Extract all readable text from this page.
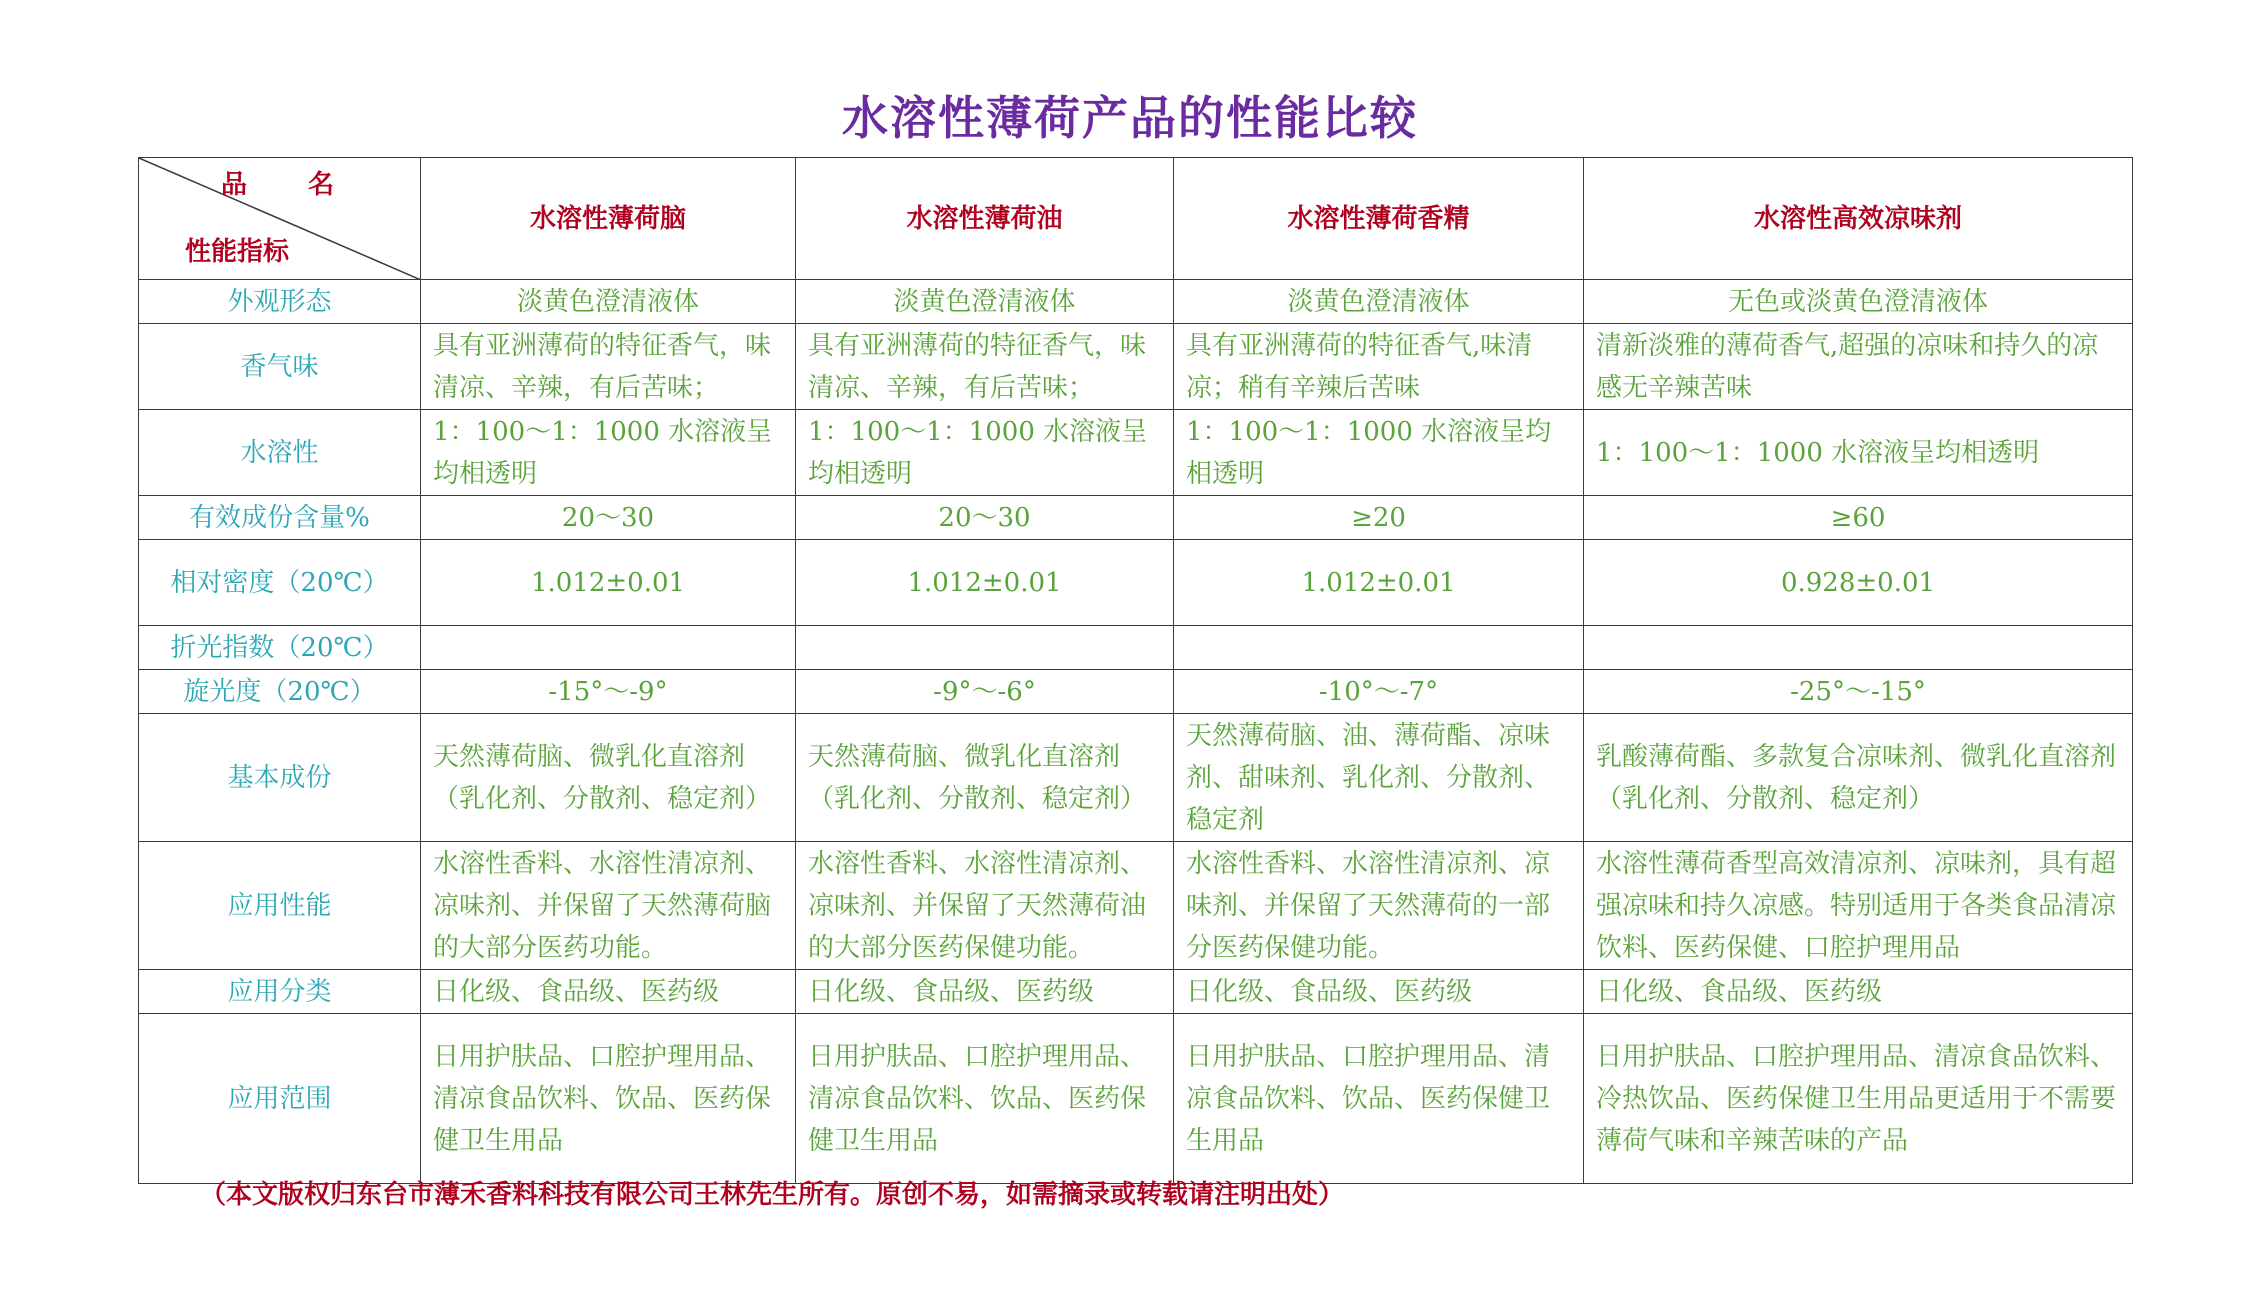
水溶性薄荷产品的性能比较
品 名
性能指标	水溶性薄荷脑	水溶性薄荷油	水溶性薄荷香精	水溶性高效凉味剂
外观形态	淡黄色澄清液体	淡黄色澄清液体	淡黄色澄清液体	无色或淡黄色澄清液体
香气味	具有亚洲薄荷的特征香气，味清凉、辛辣，有后苦味；	具有亚洲薄荷的特征香气，味清凉、辛辣，有后苦味；	具有亚洲薄荷的特征香气,味清凉；稍有辛辣后苦味	清新淡雅的薄荷香气,超强的凉味和持久的凉感无辛辣苦味
水溶性	1：100～1：1000 水溶液呈均相透明	1：100～1：1000 水溶液呈均相透明	1：100～1：1000 水溶液呈均相透明	1：100～1：1000 水溶液呈均相透明
有效成份含量%	20～30	20～30	≥20	≥60
相对密度（20℃）	1.012±0.01	1.012±0.01	1.012±0.01	0.928±0.01
折光指数（20℃）				
旋光度（20℃）	-15°～-9°	-9°～-6°	-10°～-7°	-25°～-15°
基本成份	天然薄荷脑、微乳化直溶剂（乳化剂、分散剂、稳定剂）	天然薄荷脑、微乳化直溶剂（乳化剂、分散剂、稳定剂）	天然薄荷脑、油、薄荷酯、凉味剂、甜味剂、乳化剂、分散剂、稳定剂	乳酸薄荷酯、多款复合凉味剂、微乳化直溶剂（乳化剂、分散剂、稳定剂）
应用性能	水溶性香料、水溶性清凉剂、凉味剂、并保留了天然薄荷脑的大部分医药功能。	水溶性香料、水溶性清凉剂、凉味剂、并保留了天然薄荷油的大部分医药保健功能。	水溶性香料、水溶性清凉剂、凉味剂、并保留了天然薄荷的一部分医药保健功能。	水溶性薄荷香型高效清凉剂、凉味剂，具有超强凉味和持久凉感。特别适用于各类食品清凉饮料、医药保健、口腔护理用品
应用分类	日化级、食品级、医药级	日化级、食品级、医药级	日化级、食品级、医药级	日化级、食品级、医药级
应用范围	日用护肤品、口腔护理用品、清凉食品饮料、饮品、医药保健卫生用品	日用护肤品、口腔护理用品、清凉食品饮料、饮品、医药保健卫生用品	日用护肤品、口腔护理用品、清凉食品饮料、饮品、医药保健卫生用品	日用护肤品、口腔护理用品、清凉食品饮料、冷热饮品、医药保健卫生用品更适用于不需要薄荷气味和辛辣苦味的产品
（本文版权归东台市薄禾香料科技有限公司王林先生所有。原创不易，如需摘录或转载请注明出处）
